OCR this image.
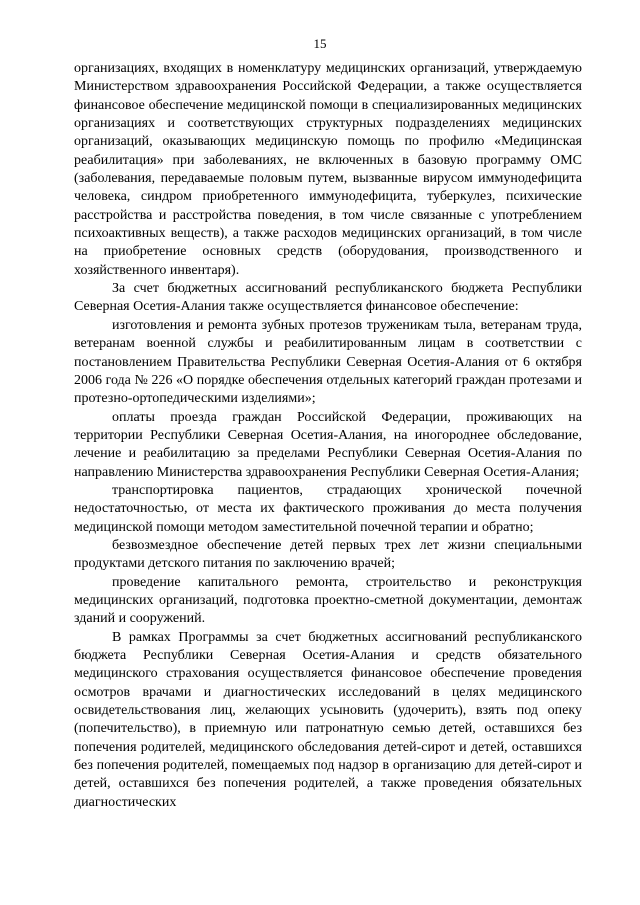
15

организациях, входящих в номенклатуру медицинских организаций, утверждаемую Министерством здравоохранения Российской Федерации, а также осуществляется финансовое обеспечение медицинской помощи в специализированных медицинских организациях и соответствующих структурных подразделениях медицинских организаций, оказывающих медицинскую помощь по профилю «Медицинская реабилитация» при заболеваниях, не включенных в базовую программу ОМС (заболевания, передаваемые половым путем, вызванные вирусом иммунодефицита человека, синдром приобретенного иммунодефицита, туберкулез, психические расстройства и расстройства поведения, в том числе связанные с употреблением психоактивных веществ), а также расходов медицинских организаций, в том числе на приобретение основных средств (оборудования, производственного и хозяйственного инвентаря).

За счет бюджетных ассигнований республиканского бюджета Республики Северная Осетия-Алания также осуществляется финансовое обеспечение:

изготовления и ремонта зубных протезов труженикам тыла, ветеранам труда, ветеранам военной службы и реабилитированным лицам в соответствии с постановлением Правительства Республики Северная Осетия-Алания от 6 октября 2006 года № 226 «О порядке обеспечения отдельных категорий граждан протезами и протезно-ортопедическими изделиями»;

оплаты проезда граждан Российской Федерации, проживающих на территории Республики Северная Осетия-Алания, на иногороднее обследование, лечение и реабилитацию за пределами Республики Северная Осетия-Алания по направлению Министерства здравоохранения Республики Северная Осетия-Алания;

транспортировка пациентов, страдающих хронической почечной недостаточностью, от места их фактического проживания до места получения медицинской помощи методом заместительной почечной терапии и обратно;

безвозмездное обеспечение детей первых трех лет жизни специальными продуктами детского питания по заключению врачей;

проведение капитального ремонта, строительство и реконструкция медицинских организаций, подготовка проектно-сметной документации, демонтаж зданий и сооружений.

В рамках Программы за счет бюджетных ассигнований республиканского бюджета Республики Северная Осетия-Алания и средств обязательного медицинского страхования осуществляется финансовое обеспечение проведения осмотров врачами и диагностических исследований в целях медицинского освидетельствования лиц, желающих усыновить (удочерить), взять под опеку (попечительство), в приемную или патронатную семью детей, оставшихся без попечения родителей, медицинского обследования детей-сирот и детей, оставшихся без попечения родителей, помещаемых под надзор в организацию для детей-сирот и детей, оставшихся без попечения родителей, а также проведения обязательных диагностических
